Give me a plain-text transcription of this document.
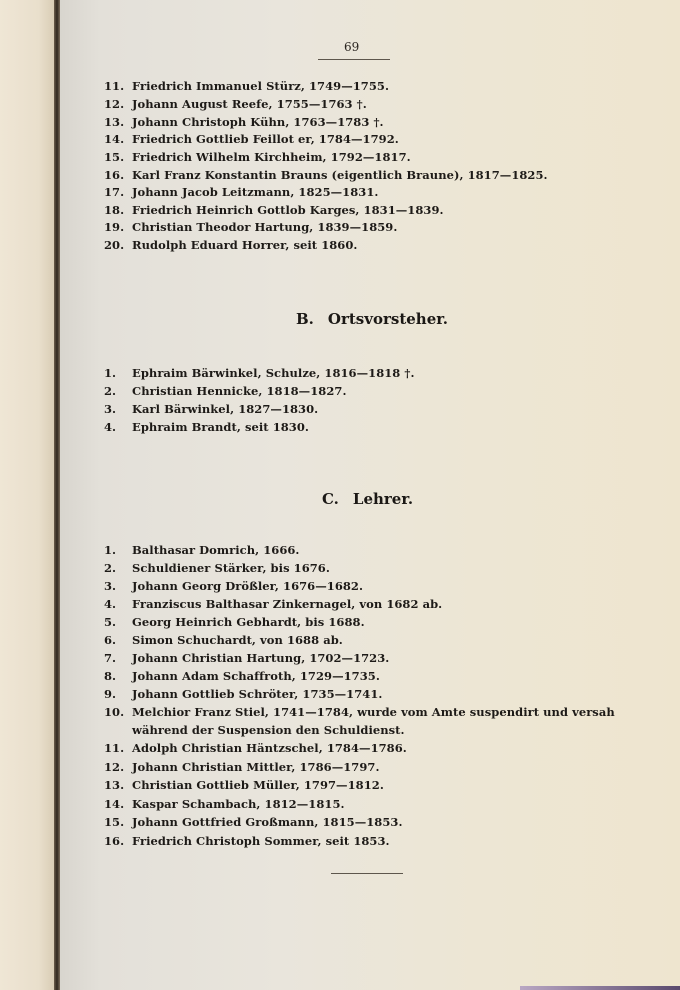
69
11. Friedrich Immanuel Stürz, 1749—1755.
12. Johann August Reefe, 1755—1763 †.
13. Johann Christoph Kühn, 1763—1783 †.
14. Friedrich Gottlieb Feillot er, 1784—1792.
15. Friedrich Wilhelm Kirchheim, 1792—1817.
16. Karl Franz Konstantin Brauns (eigentlich Braune), 1817—1825.
17. Johann Jacob Leitzmann, 1825—1831.
18. Friedrich Heinrich Gottlob Karges, 1831—1839.
19. Christian Theodor Hartung, 1839—1859.
20. Rudolph Eduard Horrer, seit 1860.
B. Ortsvorsteher.
1. Ephraim Bärwinkel, Schulze, 1816—1818 †.
2. Christian Hennicke, 1818—1827.
3. Karl Bärwinkel, 1827—1830.
4. Ephraim Brandt, seit 1830.
C. Lehrer.
1. Balthasar Domrich, 1666.
2. Schuldiener Stärker, bis 1676.
3. Johann Georg Drößler, 1676—1682.
4. Franziscus Balthasar Zinkernagel, von 1682 ab.
5. Georg Heinrich Gebhardt, bis 1688.
6. Simon Schuchardt, von 1688 ab.
7. Johann Christian Hartung, 1702—1723.
8. Johann Adam Schaffroth, 1729—1735.
9. Johann Gottlieb Schröter, 1735—1741.
10. Melchior Franz Stiel, 1741—1784, wurde vom Amte suspendirt und versah
während der Suspension den Schuldienst.
11. Adolph Christian Häntzschel, 1784—1786.
12. Johann Christian Mittler, 1786—1797.
13. Christian Gottlieb Müller, 1797—1812.
14. Kaspar Schambach, 1812—1815.
15. Johann Gottfried Großmann, 1815—1853.
16. Friedrich Christoph Sommer, seit 1853.
